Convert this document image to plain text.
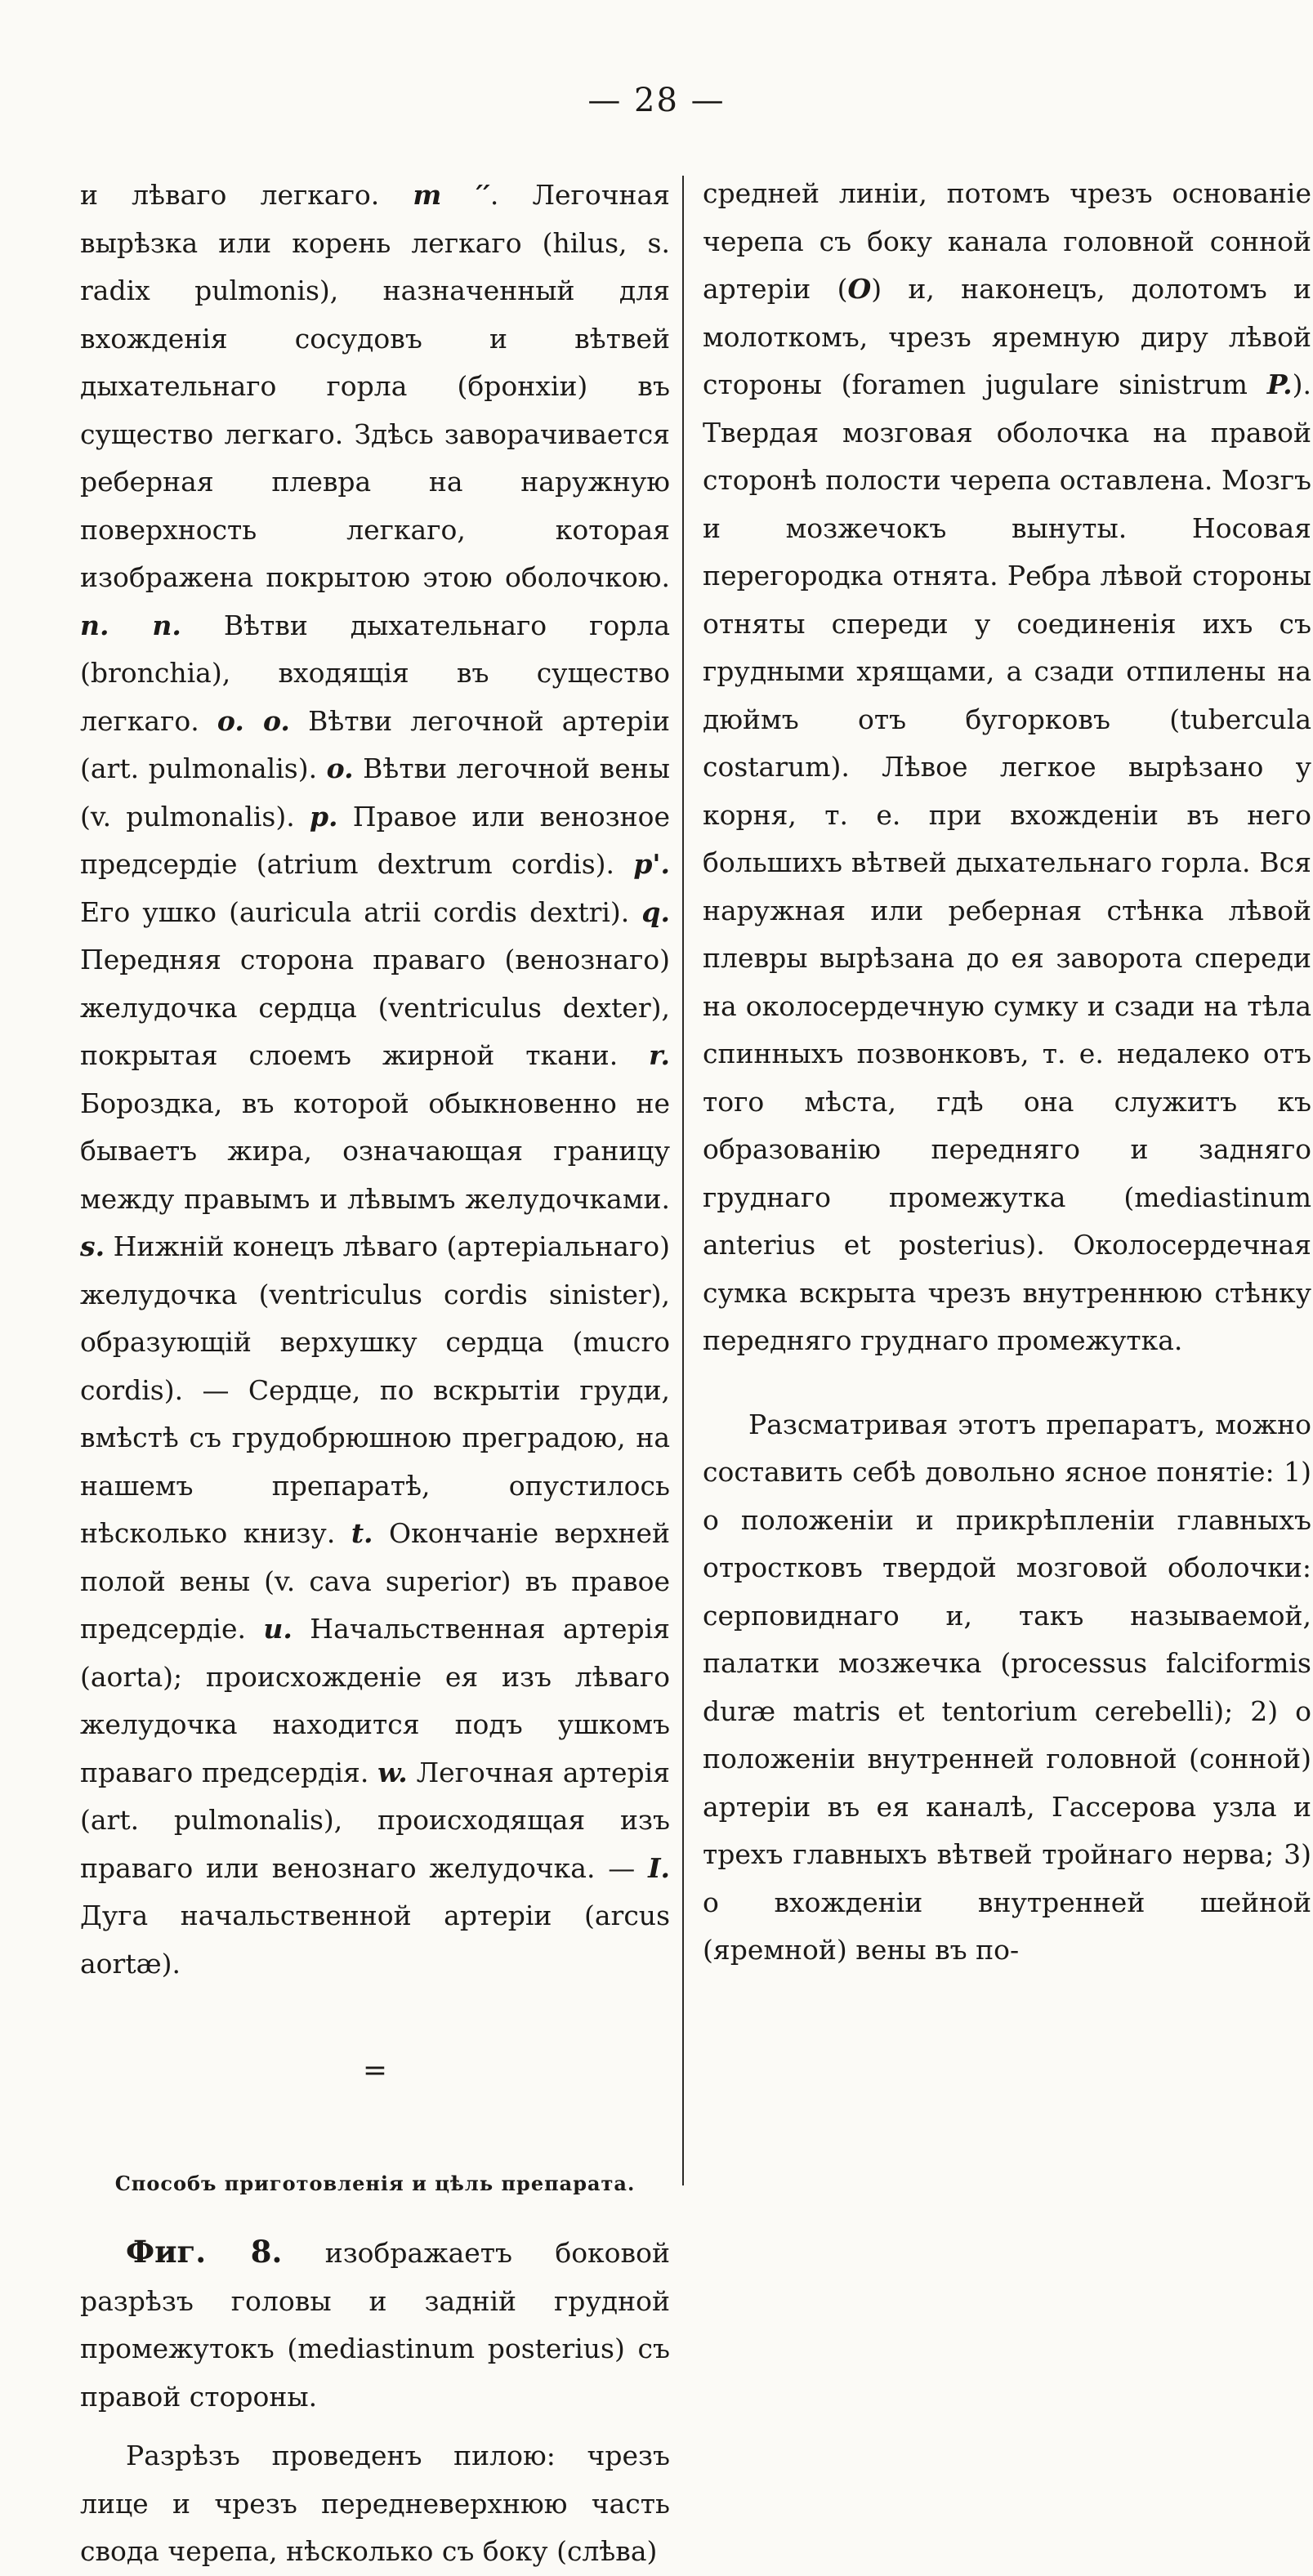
— 28 —

и лѣваго легкаго. m ′′. Легочная вырѣзка или корень легкаго (hilus, s. radix pulmonis), назначенный для вхожденія сосудовъ и вѣтвей дыхательнаго горла (бронхіи) въ существо легкаго. Здѣсь заворачивается реберная плевра на наружную поверхность легкаго, которая изображена покрытою этою оболочкою. n. n. Вѣтви дыхательнаго горла (bronchia), входящія въ существо легкаго. o. o. Вѣтви легочной артеріи (art. pulmonalis). o. Вѣтви легочной вены (v. pulmonalis). p. Правое или венозное предсердіе (atrium dextrum cordis). p'. Его ушко (auricula atrii cordis dextri). q. Передняя сторона праваго (венознаго) желудочка сердца (ventriculus dexter), покрытая слоемъ жирной ткани. r. Бороздка, въ которой обыкновенно не бываетъ жира, означающая границу между правымъ и лѣвымъ желудочками. s. Нижній конецъ лѣваго (артеріальнаго) желудочка (ventriculus cordis sinister), образующій верхушку сердца (mucro cordis). — Сердце, по вскрытіи груди, вмѣстѣ съ грудобрюшною преградою, на нашемъ препаратѣ, опустилось нѣсколько книзу. t. Окончаніе верхней полой вены (v. cava superior) въ правое предсердіе. u. Начальственная артерія (aorta); происхожденіе ея изъ лѣваго желудочка находится подъ ушкомъ праваго предсердія. w. Легочная артерія (art. pulmonalis), происходящая изъ праваго или венознаго желудочка. — I. Дуга начальственной артеріи (arcus aortæ).

=

Способъ приготовленія и цѣль препарата.

Фиг. 8. изображаетъ боковой разрѣзъ головы и задній грудной промежутокъ (mediastinum posterius) съ правой стороны.

Разрѣзъ проведенъ пилою: чрезъ лице и чрезъ передневерхнюю часть свода черепа, нѣсколько съ боку (слѣва)

средней линіи, потомъ чрезъ основаніе черепа съ боку канала головной сонной артеріи (O) и, наконецъ, долотомъ и молоткомъ, чрезъ яремную диру лѣвой стороны (foramen jugulare sinistrum P.). Твердая мозговая оболочка на правой сторонѣ полости черепа оставлена. Мозгъ и мозжечокъ вынуты. Носовая перегородка отнята. Ребра лѣвой стороны отняты спереди у соединенія ихъ съ грудными хрящами, а сзади отпилены на дюймъ отъ бугорковъ (tubercula costarum). Лѣвое легкое вырѣзано у корня, т. е. при вхожденіи въ него большихъ вѣтвей дыхательнаго горла. Вся наружная или реберная стѣнка лѣвой плевры вырѣзана до ея заворота спереди на околосердечную сумку и сзади на тѣла спинныхъ позвонковъ, т. е. недалеко отъ того мѣста, гдѣ она служитъ къ образованію передняго и задняго груднаго промежутка (mediastinum anterius et posterius). Околосердечная сумка вскрыта чрезъ внутреннюю стѣнку передняго груднаго промежутка.

Разсматривая этотъ препаратъ, можно составить себѣ довольно ясное понятіе: 1) о положеніи и прикрѣпленіи главныхъ отростковъ твердой мозговой оболочки: серповиднаго и, такъ называемой, палатки мозжечка (processus falciformis duræ matris et tentorium cerebelli); 2) о положеніи внутренней головной (сонной) артеріи въ ея каналѣ, Гассерова узла и трехъ главныхъ вѣтвей тройнаго нерва; 3) о вхожденіи внутренней шейной (яремной) вены въ по-
